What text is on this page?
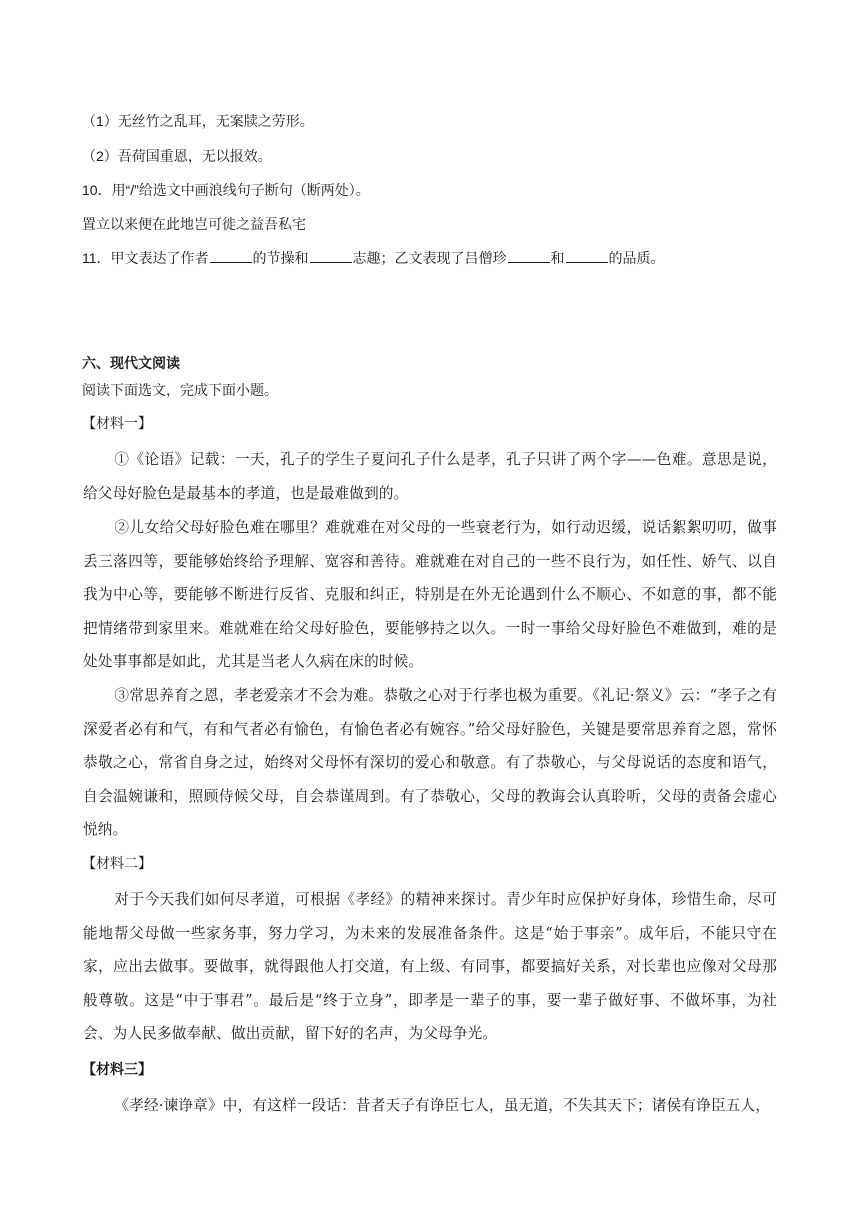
（1）无丝竹之乱耳，无案牍之劳形。
（2）吾荷国重恩，无以报效。
10．用“/”给选文中画浪线句子断句（断两处）。
置立以来便在此地岂可徙之益吾私宅
11．甲文表达了作者	的节操和	志趣；乙文表现了吕僧珍	和	的品质。
六、现代文阅读
阅读下面选文，完成下面小题。
【材料一】
①《论语》记载：一天，孔子的学生子夏问孔子什么是孝，孔子只讲了两个字——色难。意思是说，给父母好脸色是最基本的孝道，也是最难做到的。
②儿女给父母好脸色难在哪里？难就难在对父母的一些衰老行为，如行动迟缓，说话絮絮叨叨，做事丢三落四等，要能够始终给予理解、宽容和善待。难就难在对自己的一些不良行为，如任性、娇气、以自我为中心等，要能够不断进行反省、克服和纠正，特别是在外无论遇到什么不顺心、不如意的事，都不能把情绪带到家里来。难就难在给父母好脸色，要能够持之以久。一时一事给父母好脸色不难做到，难的是处处事事都是如此，尤其是当老人久病在床的时候。
③常思养育之恩，孝老爱亲才不会为难。恭敬之心对于行孝也极为重要。《礼记·祭义》云：“孝子之有深爱者必有和气，有和气者必有愉色，有愉色者必有婉容。”给父母好脸色，关键是要常思养育之恩，常怀恭敬之心，常省自身之过，始终对父母怀有深切的爱心和敬意。有了恭敬心，与父母说话的态度和语气，自会温婉谦和，照顾侍候父母，自会恭谨周到。有了恭敬心，父母的教诲会认真聆听，父母的责备会虚心悦纳。
【材料二】
对于今天我们如何尽孝道，可根据《孝经》的精神来探讨。青少年时应保护好身体，珍惜生命，尽可能地帮父母做一些家务事，努力学习，为未来的发展准备条件。这是“始于事亲”。成年后，不能只守在家，应出去做事。要做事，就得跟他人打交道，有上级、有同事，都要搞好关系，对长辈也应像对父母那般尊敬。这是“中于事君”。最后是“终于立身”，即孝是一辈子的事，要一辈子做好事、不做坏事，为社会、为人民多做奉献、做出贡献，留下好的名声，为父母争光。
【材料三】
《孝经·谏诤章》中，有这样一段话：昔者天子有诤臣七人，虽无道，不失其天下；诸侯有诤臣五人，
